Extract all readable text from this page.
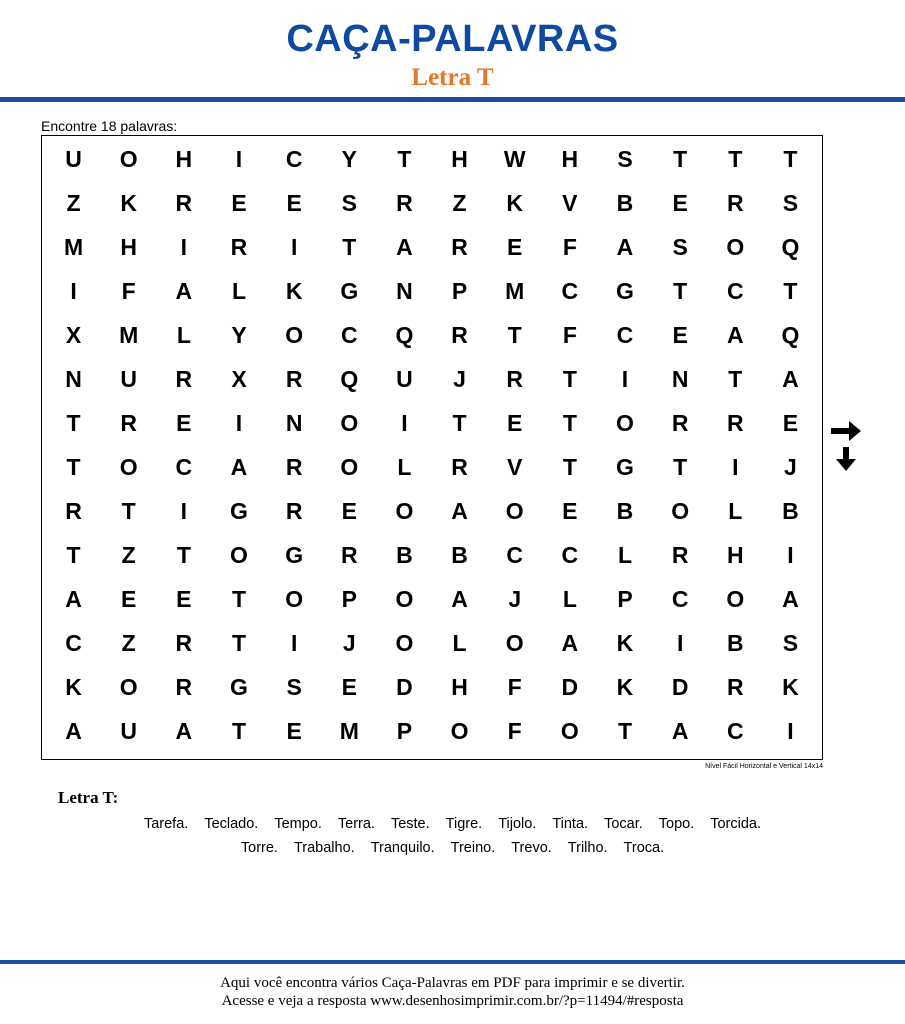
CAÇA-PALAVRAS
Letra T
Encontre 18 palavras:
U	O	H	I	C	Y	T	H	W	H	S	T	T	T
Z	K	R	E	E	S	R	Z	K	V	B	E	R	S
M	H	I	R	I	T	A	R	E	F	A	S	O	Q
I	F	A	L	K	G	N	P	M	C	G	T	C	T
X	M	L	Y	O	C	Q	R	T	F	C	E	A	Q
N	U	R	X	R	Q	U	J	R	T	I	N	T	A
T	R	E	I	N	O	I	T	E	T	O	R	R	E
T	O	C	A	R	O	L	R	V	T	G	T	I	J
R	T	I	G	R	E	O	A	O	E	B	O	L	B
T	Z	T	O	G	R	B	B	C	C	L	R	H	I
A	E	E	T	O	P	O	A	J	L	P	C	O	A
C	Z	R	T	I	J	O	L	O	A	K	I	B	S
K	O	R	G	S	E	D	H	F	D	K	D	R	K
A	U	A	T	E	M	P	O	F	O	T	A	C	I
Nível Fácil Horizontal e Vertical 14x14
Letra T:
Tarefa. Teclado. Tempo. Terra. Teste. Tigre. Tijolo. Tinta. Tocar. Topo. Torcida.
Torre. Trabalho. Tranquilo. Treino. Trevo. Trilho. Troca.
Aqui você encontra vários Caça-Palavras em PDF para imprimir e se divertir.
Acesse e veja a resposta www.desenhosimprimir.com.br/?p=11494/#resposta
